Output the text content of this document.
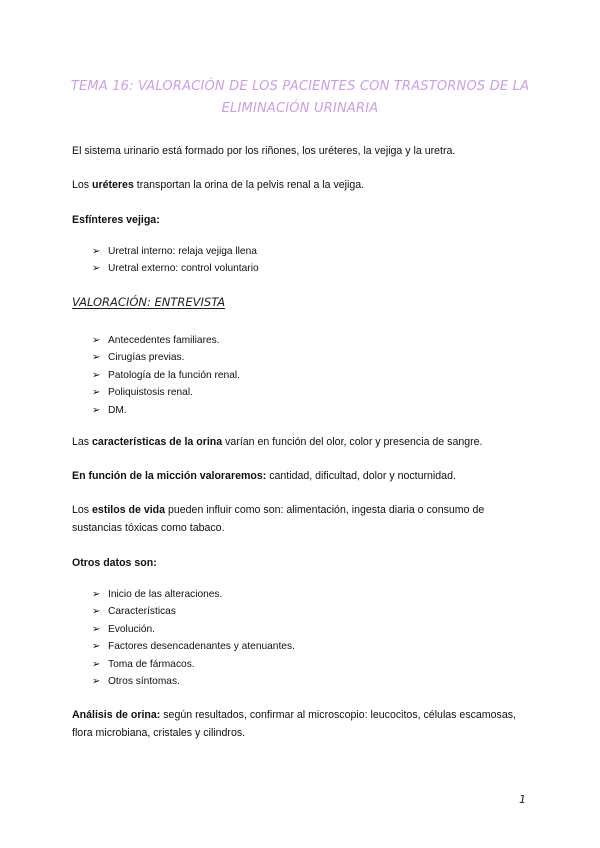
TEMA 16: VALORACIÓN DE LOS PACIENTES CON TRASTORNOS DE LA
ELIMINACIÓN URINARIA
El sistema urinario está formado por los riñones, los uréteres, la vejiga y la uretra.
Los uréteres transportan la orina de la pelvis renal a la vejiga.
Esfínteres vejiga:
➢ Uretral interno: relaja vejiga llena
➢ Uretral externo: control voluntario
VALORACIÓN: ENTREVISTA
➢ Antecedentes familiares.
➢ Cirugías previas.
➢ Patología de la función renal.
➢ Poliquistosis renal.
➢ DM.
Las características de la orina varían en función del olor, color y presencia de sangre.
En función de la micción valoraremos: cantidad, dificultad, dolor y nocturnidad.
Los estilos de vida pueden influir como son: alimentación, ingesta diaria o consumo de sustancias tóxicas como tabaco.
Otros datos son:
➢ Inicio de las alteraciones.
➢ Características
➢ Evolución.
➢ Factores desencadenantes y atenuantes.
➢ Toma de fármacos.
➢ Otros síntomas.
Análisis de orina: según resultados, confirmar al microscopio: leucocitos, células escamosas, flora microbiana, cristales y cilindros.
1
